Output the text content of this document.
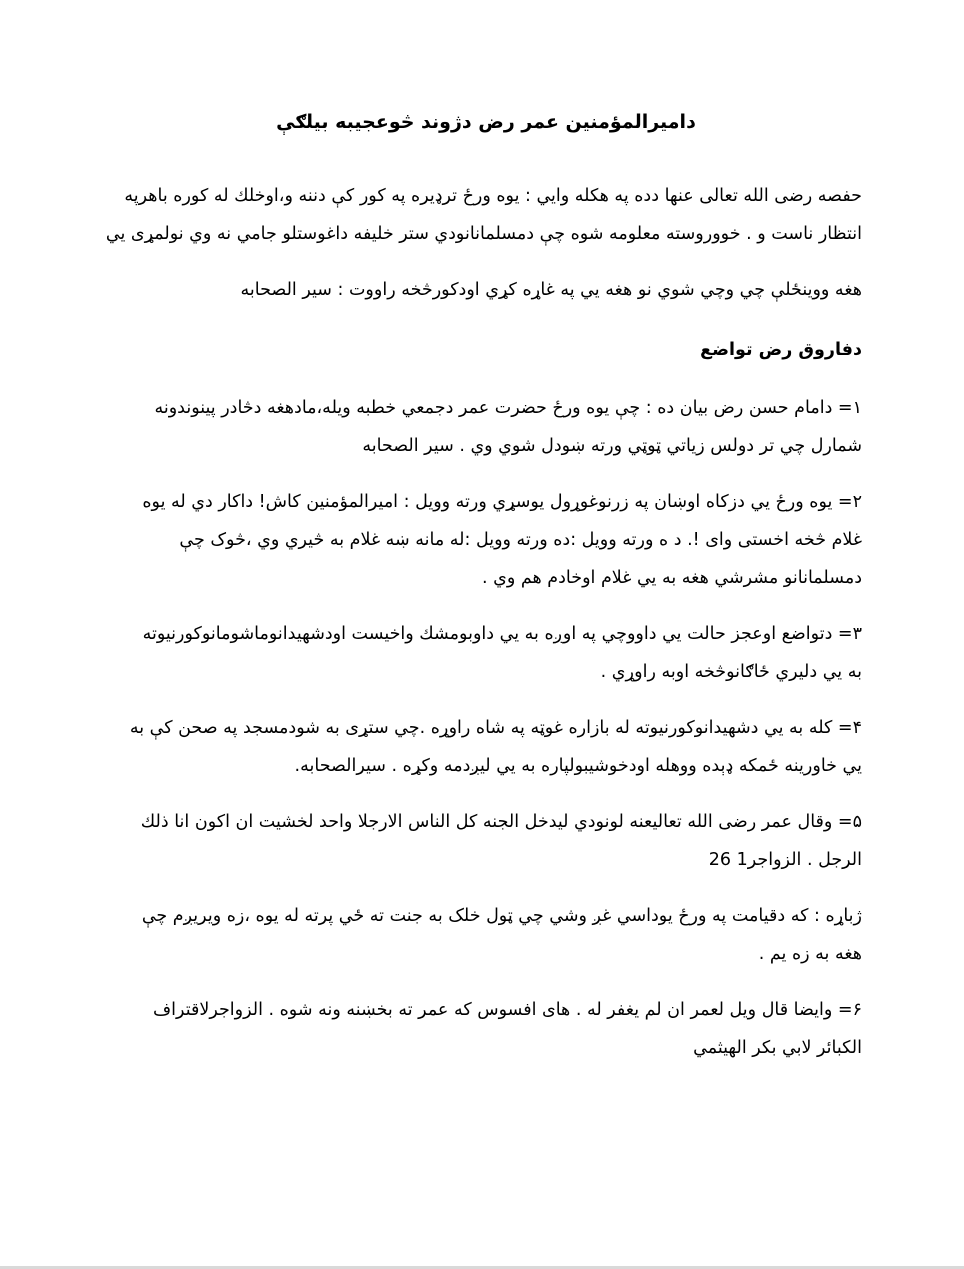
داميرالمؤمنين عمر رض دژوند څوعجيبه بيلګې
حفصه رضی الله تعالی عنها دده په هکله وايي : يوه ورځ ترډيره په کور کې دننه و،اوخلك له کوره باهرپه
انتظار ناست و . خووروسته معلومه شوه چې دمسلمانانودي ستر خليفه داغوستلو جامي نه وي نولمړی يي
هغه ووينځلې چي وچي شوي نو هغه يي په غاړه کړي اودکورڅخه راووت : سير الصحابه
دفاروق رض تواضع
۱= دامام حسن رض بيان ده : چې يوه ورځ حضرت عمر دجمعي خطبه ويله،مادهغه دڅادر پينوندونه
شمارل چي تر دولس زياتي ټوټي ورته ښودل شوي وي . سير الصحابه
۲= يوه ورځ يي دزکاه اوښان په زرنوغوړول يوسړي ورته وويل : اميرالمؤمنين کاش! داکار دي له يوه
غلام څخه اخستی وای !. د ه ورته وويل :ده ورته وويل :له مانه ښه غلام به څيري وي ،څوک چې
دمسلمانانو مشرشي هغه به يي غلام اوخادم هم وي .
۳= دتواضع اوعجز حالت يي داووچي په اوږه به يي داوبومشك واخيست اودشهيدانوماشومانوکورنيوته
به يي دليري ځاګانوڅخه اوبه راوړي .
۴= کله به يي دشهيدانوکورنيوته له بازاره غوټه په شاه راوړه .چي ستړی به شودمسجد په صحن کې به
يي خاورينه ځمکه ډېده ووهله اودخوشيبولپاره به يي ليږدمه وکړه . سيرالصحابه.
۵= وقال عمر رضی الله تعالیعنه لونودي ليدخل الجنه کل الناس الارجلا واحد لخشيت ان اکون انا ذلك
الرجل . الزواجر1 26
ژباړه : که دقيامت په ورځ يوداسي غږ وشي چي ټول خلک به جنت ته ځي پرته له يوه ،زه ويريږم چې
هغه به زه يم .
۶= وايضا قال ويل لعمر ان لم يغفر له . های افسوس که عمر ته بخښنه ونه شوه . الزواجرلاقتراف
الکبائر لابي بکر الهيثمي
